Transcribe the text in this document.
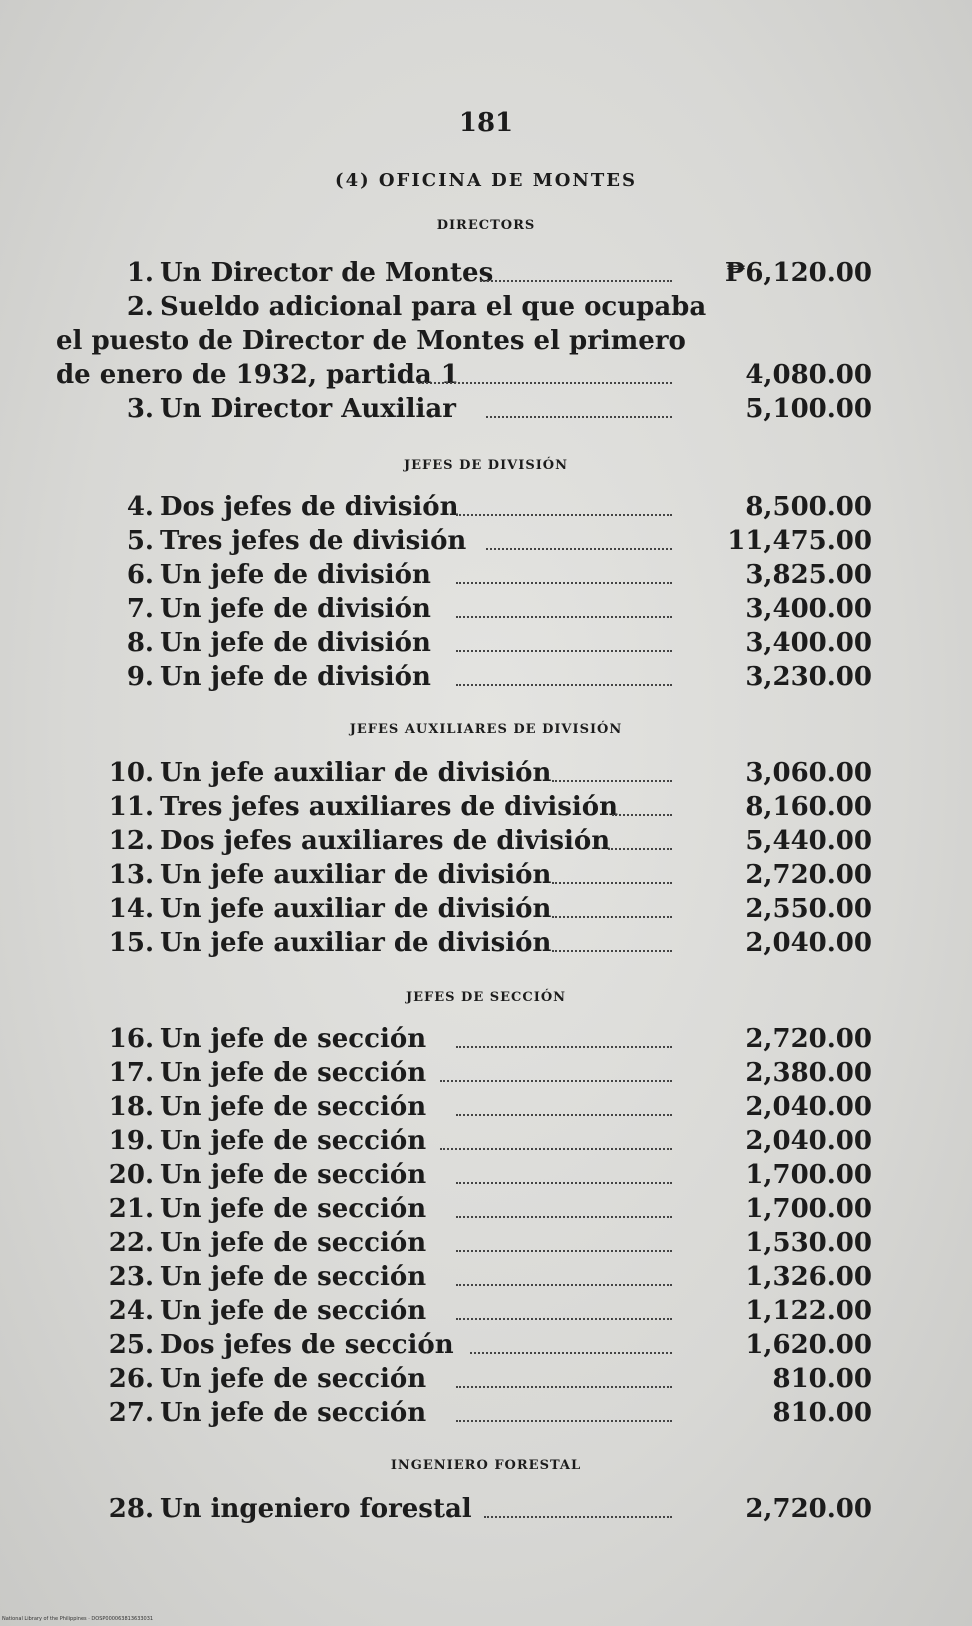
181
(4) OFICINA DE MONTES
DIRECTORS
1. Un Director de Montes	₱6,120.00
2. Sueldo adicional para el que ocupaba
el puesto de Director de Montes el primero
de enero de 1932, partida 1	4,080.00
3. Un Director Auxiliar	5,100.00
JEFES DE DIVISIÓN
4. Dos jefes de división	8,500.00
5. Tres jefes de división	11,475.00
6. Un jefe de división	3,825.00
7. Un jefe de división	3,400.00
8. Un jefe de división	3,400.00
9. Un jefe de división	3,230.00
JEFES AUXILIARES DE DIVISIÓN
10. Un jefe auxiliar de división	3,060.00
11. Tres jefes auxiliares de división	8,160.00
12. Dos jefes auxiliares de división	5,440.00
13. Un jefe auxiliar de división	2,720.00
14. Un jefe auxiliar de división	2,550.00
15. Un jefe auxiliar de división	2,040.00
JEFES DE SECCIÓN
16. Un jefe de sección	2,720.00
17. Un jefe de sección	2,380.00
18. Un jefe de sección	2,040.00
19. Un jefe de sección	2,040.00
20. Un jefe de sección	1,700.00
21. Un jefe de sección	1,700.00
22. Un jefe de sección	1,530.00
23. Un jefe de sección	1,326.00
24. Un jefe de sección	1,122.00
25. Dos jefes de sección	1,620.00
26. Un jefe de sección	810.00
27. Un jefe de sección	810.00
INGENIERO FORESTAL
28. Un ingeniero forestal	2,720.00
National Library of the Philippines · DOSP000063813633031
